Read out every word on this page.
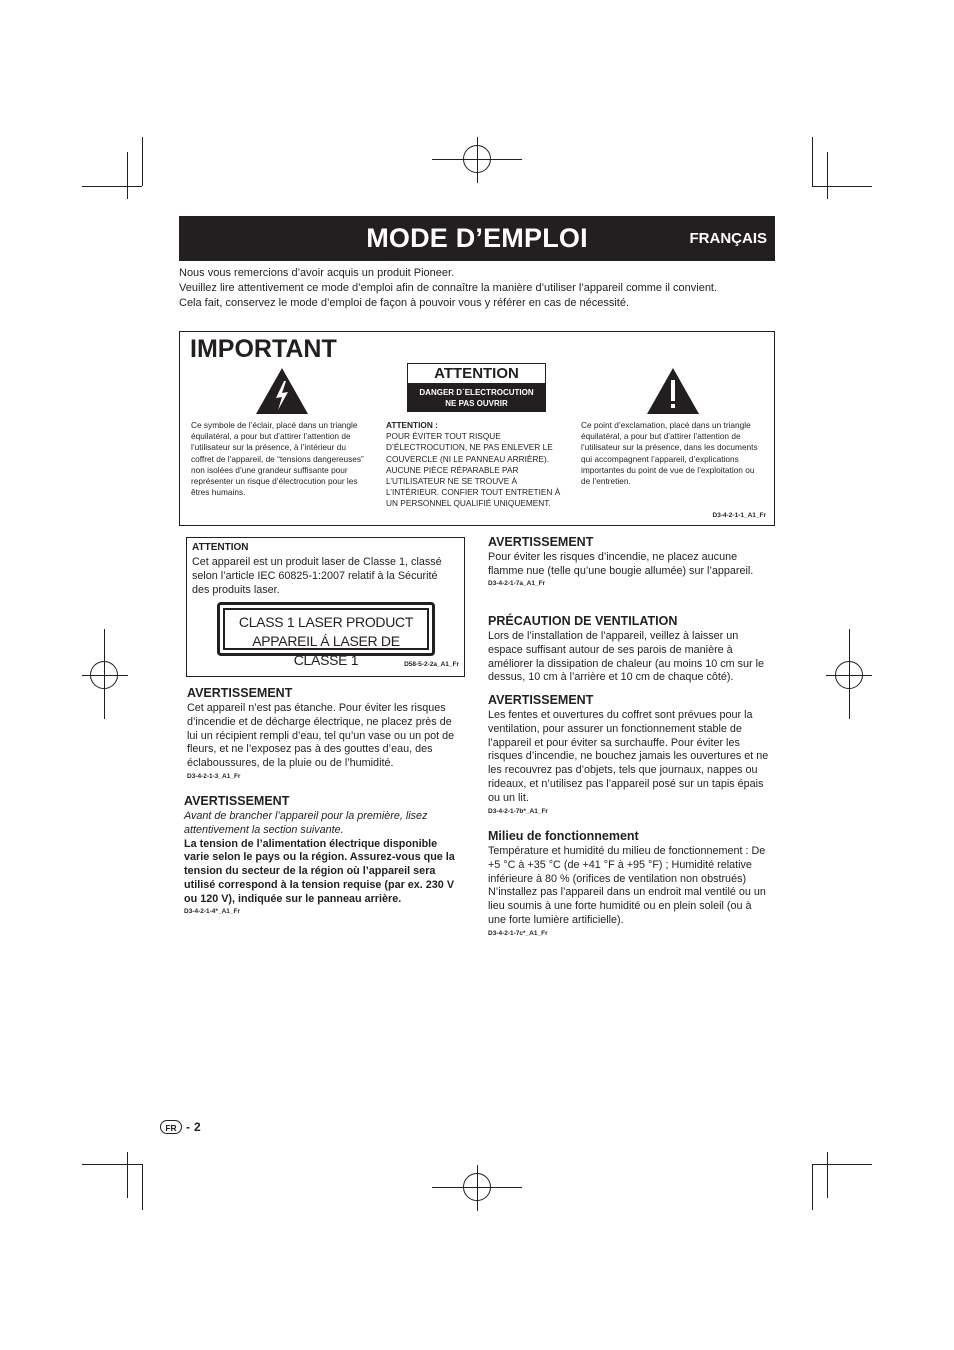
MODE D’EMPLOI	FRANÇAIS
Nous vous remercions d’avoir acquis un produit Pioneer.
Veuillez lire attentivement ce mode d’emploi afin de connaître la manière d’utiliser l’appareil comme il convient.
Cela fait, conservez le mode d’emploi de façon à pouvoir vous y référer en cas de nécessité.
IMPORTANT
Ce symbole de l’éclair, placé dans un triangle équilatéral, a pour but d’attirer l’attention de l’utilisateur sur la présence, à l’intérieur du coffret de l’appareil, de “tensions dangereuses” non isolées d’une grandeur suffisante pour représenter un risque d’électrocution pour les êtres humains.
ATTENTION
DANGER D´ELECTROCUTION
NE PAS OUVRIR
ATTENTION :
POUR ÉVITER TOUT RISQUE D’ÉLECTROCUTION, NE PAS ENLEVER LE COUVERCLE (NI LE PANNEAU ARRIÈRE). AUCUNE PIÈCE RÉPARABLE PAR L’UTILISATEUR NE SE TROUVE À L’INTÉRIEUR. CONFIER TOUT ENTRETIEN À UN PERSONNEL QUALIFIÉ UNIQUEMENT.
Ce point d’exclamation, placé dans un triangle équilatéral, a pour but d’attirer l’attention de l’utilisateur sur la présence, dans les documents qui accompagnent l’appareil, d’explications importantes du point de vue de l’exploitation ou de l’entretien.
D3-4-2-1-1_A1_Fr
ATTENTION
Cet appareil est un produit laser de Classe 1, classé selon l’article IEC 60825-1:2007 relatif à la Sécurité des produits laser.
CLASS 1 LASER PRODUCT
APPAREIL Á LASER DE CLASSE 1	D58-5-2-2a_A1_Fr
AVERTISSEMENT
Cet appareil n’est pas étanche. Pour éviter les risques d’incendie et de décharge électrique, ne placez près de lui un récipient rempli d’eau, tel qu’un vase ou un pot de fleurs, et ne l’exposez pas à des gouttes d’eau, des éclaboussures, de la pluie ou de l’humidité.
D3-4-2-1-3_A1_Fr
AVERTISSEMENT
Avant de brancher l’appareil pour la première, lisez attentivement la section suivante.
La tension de l’alimentation électrique disponible varie selon le pays ou la région. Assurez-vous que la tension du secteur de la région où l’appareil sera utilisé correspond à la tension requise (par ex. 230 V ou 120 V), indiquée sur le panneau arrière.
D3-4-2-1-4*_A1_Fr
AVERTISSEMENT
Pour éviter les risques d’incendie, ne placez aucune flamme nue (telle qu’une bougie allumée) sur l’appareil.
D3-4-2-1-7a_A1_Fr
PRÉCAUTION DE VENTILATION
Lors de l’installation de l’appareil, veillez à laisser un espace suffisant autour de ses parois de manière à améliorer la dissipation de chaleur (au moins 10 cm sur le dessus, 10 cm à l’arrière et 10 cm de chaque côté).
AVERTISSEMENT
Les fentes et ouvertures du coffret sont prévues pour la ventilation, pour assurer un fonctionnement stable de l’appareil et pour éviter sa surchauffe. Pour éviter les risques d’incendie, ne bouchez jamais les ouvertures et ne les recouvrez pas d’objets, tels que journaux, nappes ou rideaux, et n’utilisez pas l’appareil posé sur un tapis épais ou un lit.
D3-4-2-1-7b*_A1_Fr
Milieu de fonctionnement
Température et humidité du milieu de fonctionnement : De +5 °C à +35 °C (de +41 °F à +95 °F) ; Humidité relative inférieure à 80 % (orifices de ventilation non obstrués)
N’installez pas l’appareil dans un endroit mal ventilé ou un lieu soumis à une forte humidité ou en plein soleil (ou à une forte lumière artificielle).
D3-4-2-1-7c*_A1_Fr
FR - 2
